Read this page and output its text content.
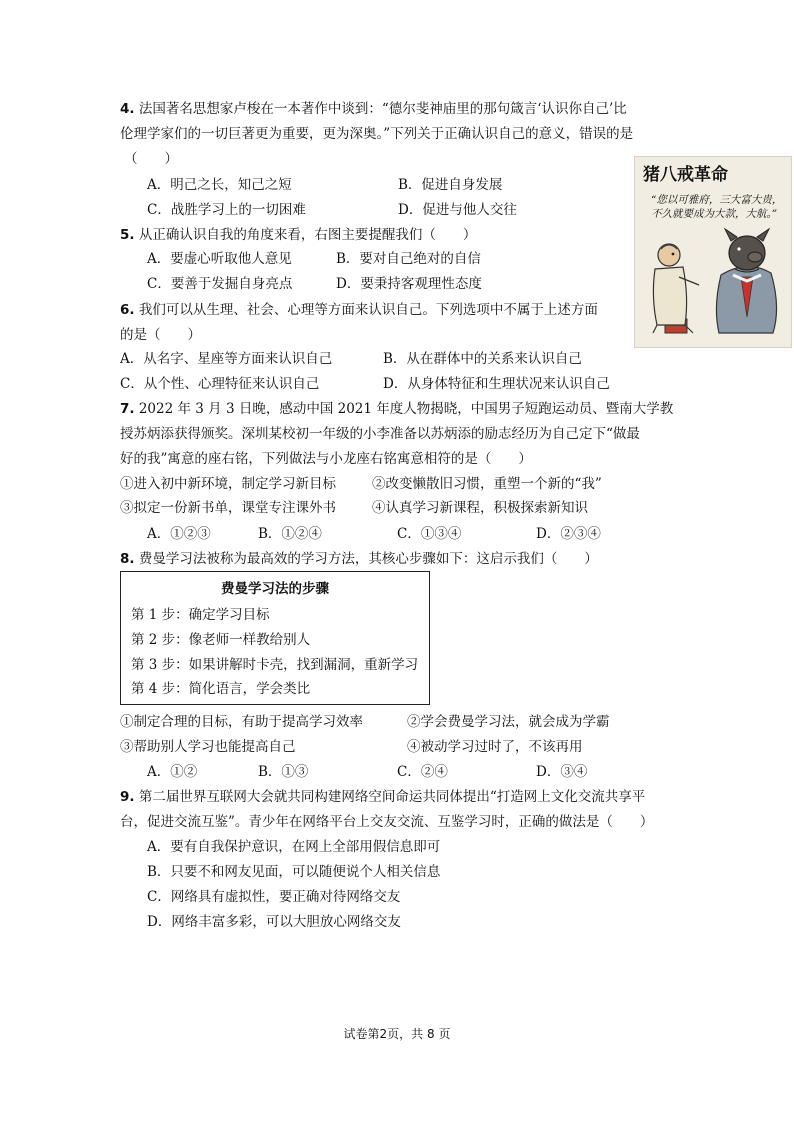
4. 法国著名思想家卢梭在一本著作中谈到：“德尔斐神庙里的那句箴言‘认识你自己’比
伦理学家们的一切巨著更为重要，更为深奥。”下列关于正确认识自己的意义，错误的是
（　　）
A．明己之长，知己之短	B．促进自身发展
C．战胜学习上的一切困难	D．促进与他人交往
5. 从正确认识自我的角度来看，右图主要提醒我们（　　）
A．要虚心听取他人意见	B．要对自己绝对的自信
C．要善于发掘自身亮点	D．要秉持客观理性态度
猪八戒革命
“您以可雅府，三大富大贵，不久就要成为大款，大航。”
6. 我们可以从生理、社会、心理等方面来认识自己。下列选项中不属于上述方面
的是（　　）
A．从名字、星座等方面来认识自己	B．从在群体中的关系来认识自己
C．从个性、心理特征来认识自己	D．从身体特征和生理状况来认识自己
7. 2022 年 3 月 3 日晚，感动中国 2021 年度人物揭晓，中国男子短跑运动员、暨南大学教
授苏炳添获得颁奖。深圳某校初一年级的小李准备以苏炳添的励志经历为自己定下“做最
好的我”寓意的座右铭，下列做法与小龙座右铭寓意相符的是（　　）
①进入初中新环境，制定学习新目标	②改变懒散旧习惯，重塑一个新的“我”
③拟定一份新书单，课堂专注课外书	④认真学习新课程，积极探索新知识
A．①②③	B．①②④	C．①③④	D．②③④
8. 费曼学习法被称为最高效的学习方法，其核心步骤如下：这启示我们（　　）
费曼学习法的步骤
第 1 步：确定学习目标
第 2 步：像老师一样教给别人
第 3 步：如果讲解时卡壳，找到漏洞，重新学习
第 4 步：简化语言，学会类比
①制定合理的目标，有助于提高学习效率	②学会费曼学习法，就会成为学霸
③帮助别人学习也能提高自己	④被动学习过时了，不该再用
A．①②	B．①③	C．②④	D．③④
9. 第二届世界互联网大会就共同构建网络空间命运共同体提出“打造网上文化交流共享平
台，促进交流互鉴”。青少年在网络平台上交友交流、互鉴学习时，正确的做法是（　　）
A．要有自我保护意识，在网上全部用假信息即可
B．只要不和网友见面，可以随便说个人相关信息
C．网络具有虚拟性，要正确对待网络交友
D．网络丰富多彩，可以大胆放心网络交友
试卷第2页，共 8 页
